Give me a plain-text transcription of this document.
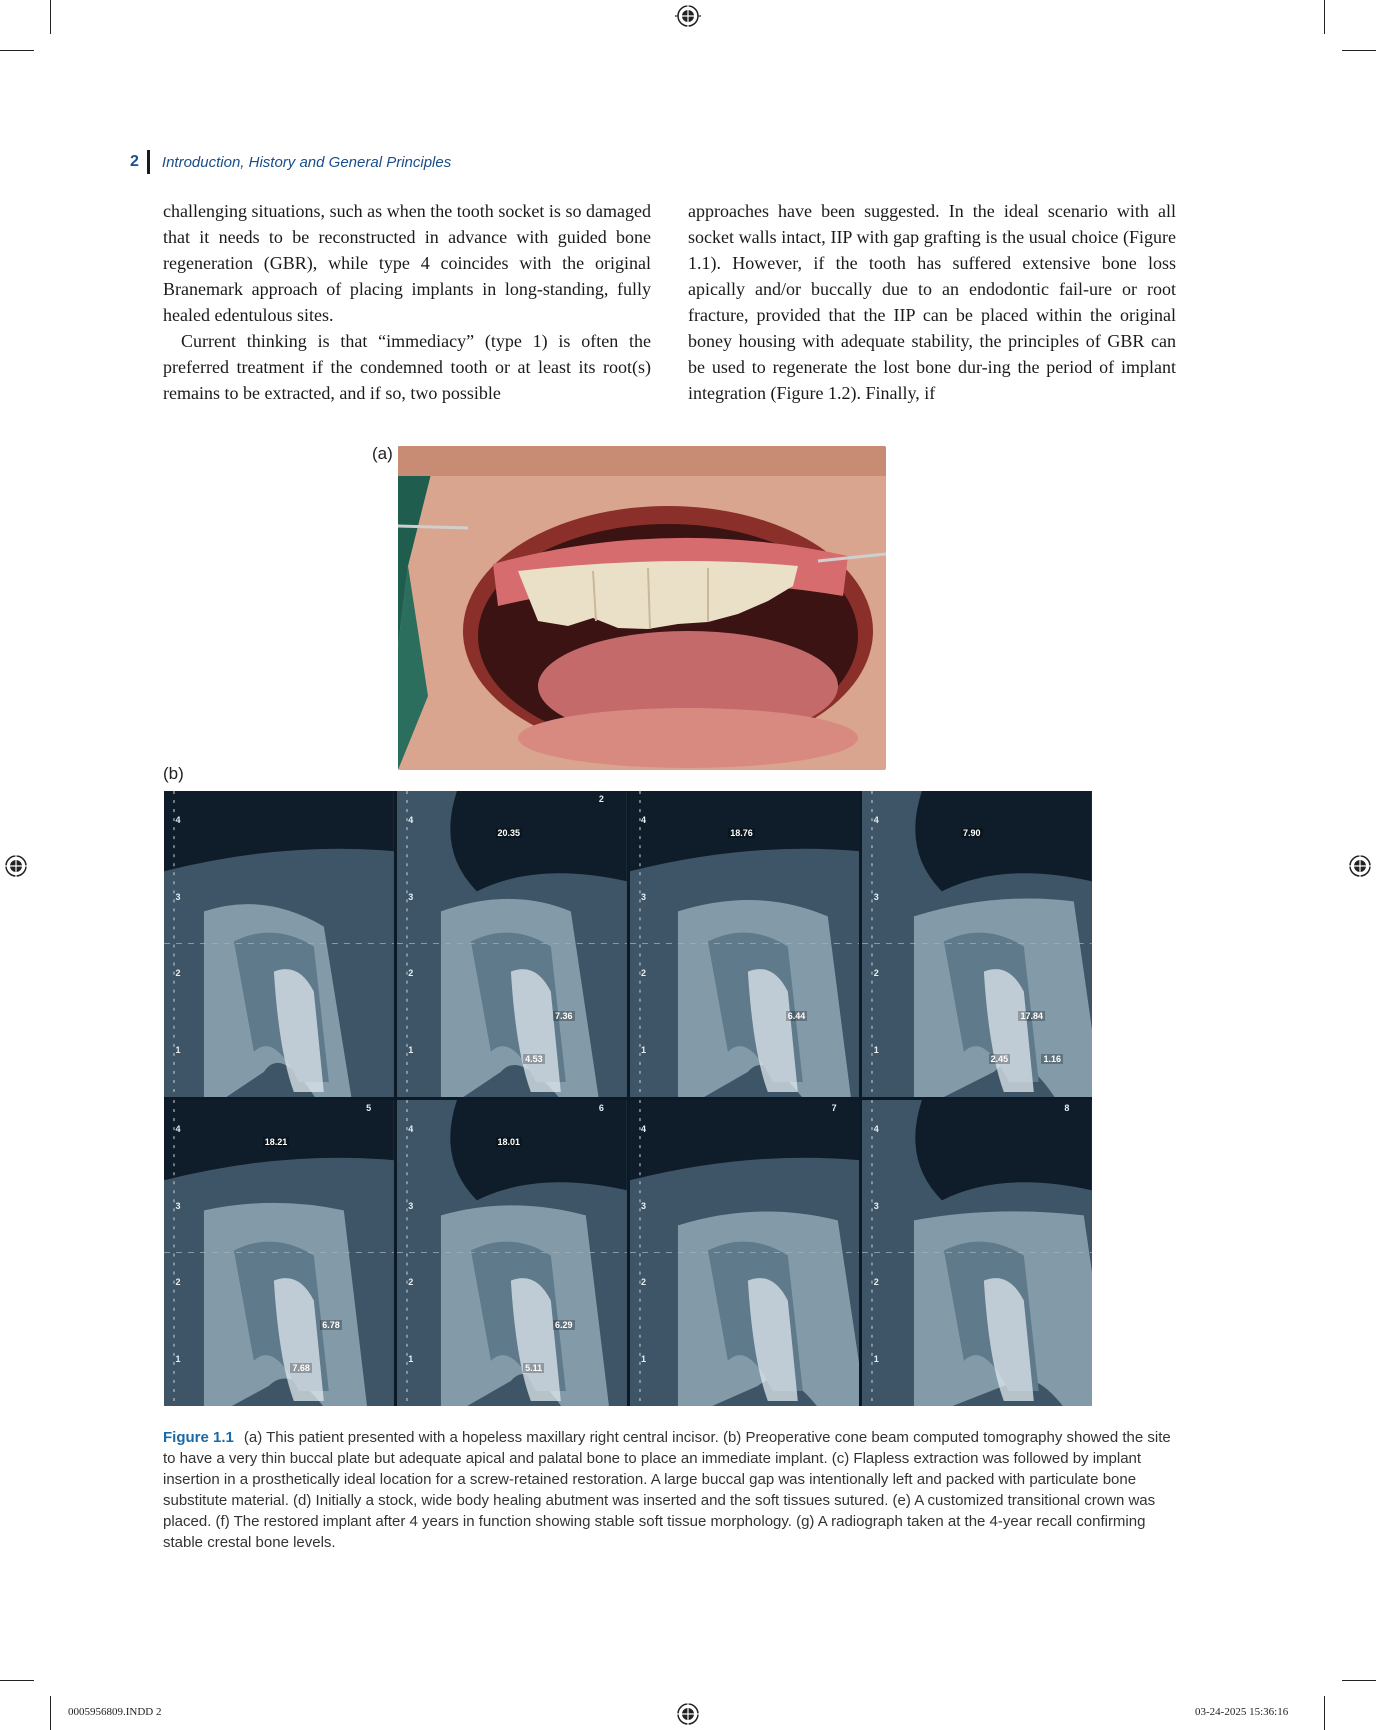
2 Introduction, History and General Principles

challenging situations, such as when the tooth socket is so damaged that it needs to be reconstructed in advance with guided bone regeneration (GBR), while type 4 coincides with the original Branemark approach of placing implants in long-standing, fully healed edentulous sites.

Current thinking is that “immediacy” (type 1) is often the preferred treatment if the condemned tooth or at least its root(s) remains to be extracted, and if so, two possible

approaches have been suggested. In the ideal scenario with all socket walls intact, IIP with gap grafting is the usual choice (Figure 1.1). However, if the tooth has suffered extensive bone loss apically and/or buccally due to an endodontic fail-ure or root fracture, provided that the IIP can be placed within the original boney housing with adequate stability, the principles of GBR can be used to regenerate the lost bone dur-ing the period of implant integration (Figure 1.2). Finally, if

(a)
(b)
4
3
2
1
4
3
2
1
2
20.35
7.36
4.53
4
3
2
1
18.76
6.44
4
3
2
1
7.90
17.84
2.45	1.16
4
3
2
1
5
18.21
6.78
7.68
4
3
2
1
6
18.01
6.29
5.11
4
3
2
1
7
4
3
2
1
8
Figure 1.1 (a) This patient presented with a hopeless maxillary right central incisor. (b) Preoperative cone beam computed tomography showed the site to have a very thin buccal plate but adequate apical and palatal bone to place an immediate implant. (c) Flapless extraction was followed by implant insertion in a prosthetically ideal location for a screw-retained restoration. A large buccal gap was intentionally left and packed with particulate bone substitute material. (d) Initially a stock, wide body healing abutment was inserted and the soft tissues sutured. (e) A customized transitional crown was placed. (f) The restored implant after 4 years in function showing stable soft tissue morphology. (g) A radiograph taken at the 4-year recall confirming stable crestal bone levels.
0005956809.INDD 2	03-24-2025 15:36:16
